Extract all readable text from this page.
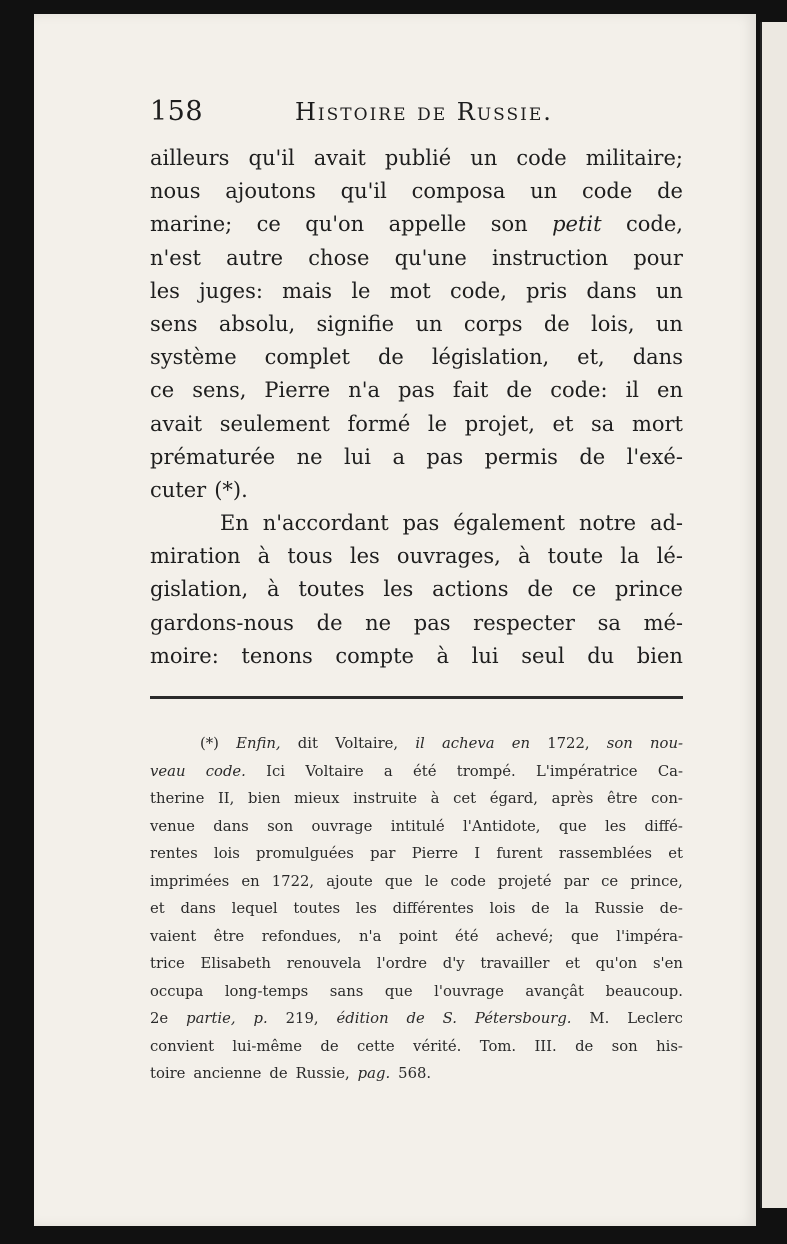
158	Histoire de Russie.
ailleurs qu'il avait publié un code militaire;
nous ajoutons qu'il composa un code de
marine; ce qu'on appelle son petit code,
n'est autre chose qu'une instruction pour
les juges: mais le mot code, pris dans un
sens absolu, signifie un corps de lois, un
système complet de législation, et, dans
ce sens, Pierre n'a pas fait de code: il en
avait seulement formé le projet, et sa mort
prématurée ne lui a pas permis de l'exé-
cuter (*).
En n'accordant pas également notre ad-
miration à tous les ouvrages, à toute la lé-
gislation, à toutes les actions de ce prince
gardons-nous de ne pas respecter sa mé-
moire: tenons compte à lui seul du bien
(*) Enfin, dit Voltaire, il acheva en 1722, son nou-
veau code. Ici Voltaire a été trompé. L'impératrice Ca-
therine II, bien mieux instruite à cet égard, après être con-
venue dans son ouvrage intitulé l'Antidote, que les diffé-
rentes lois promulguées par Pierre I furent rassemblées et
imprimées en 1722, ajoute que le code projeté par ce prince,
et dans lequel toutes les différentes lois de la Russie de-
vaient être refondues, n'a point été achevé; que l'impéra-
trice Elisabeth renouvela l'ordre d'y travailler et qu'on s'en
occupa long-temps sans que l'ouvrage avançât beaucoup.
2e partie, p. 219, édition de S. Pétersbourg. M. Leclerc
convient lui-même de cette vérité. Tom. III. de son his-
toire ancienne de Russie, pag. 568.
